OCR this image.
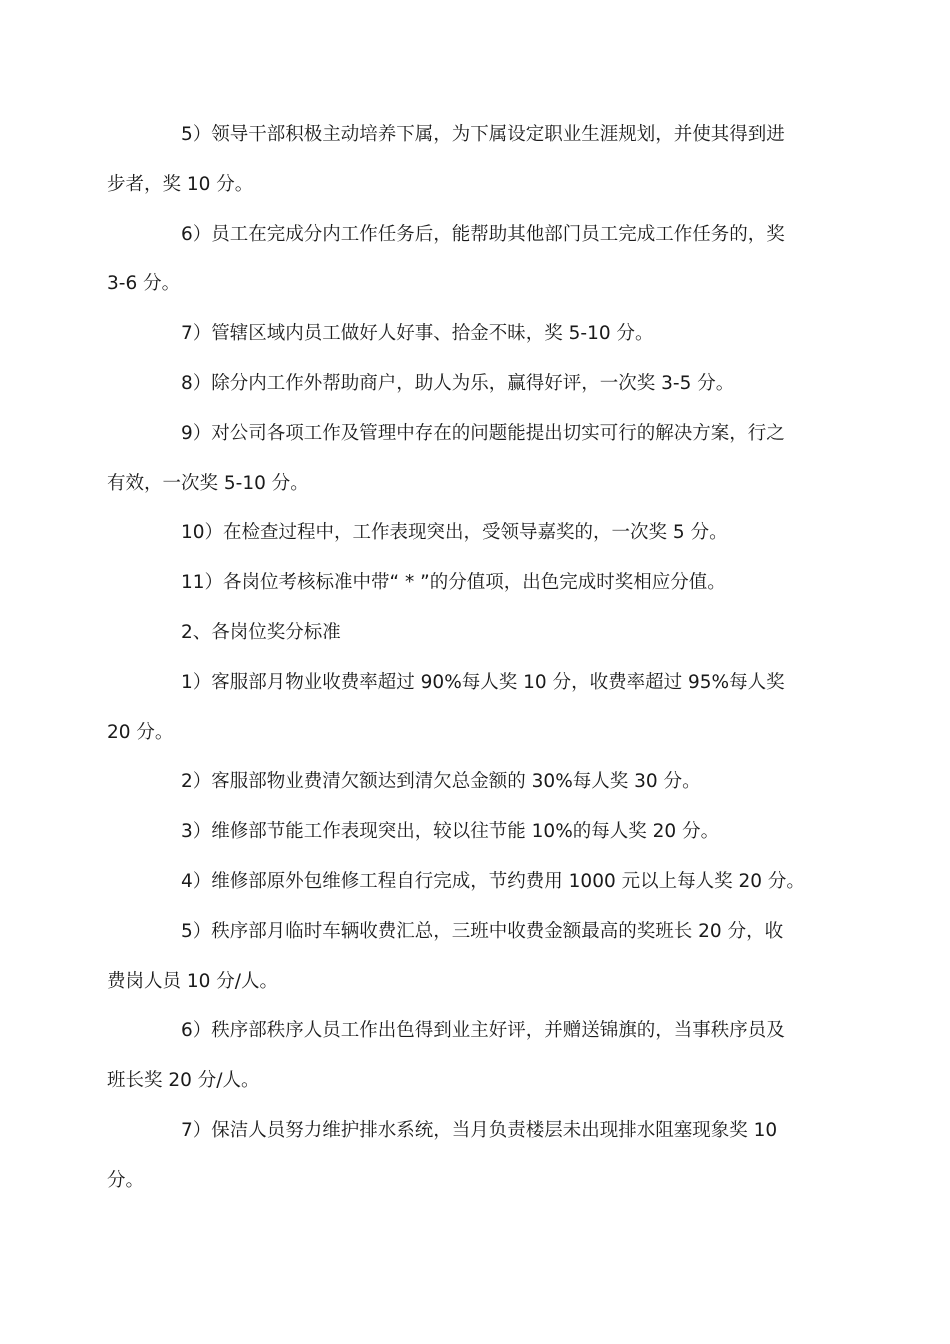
5）领导干部积极主动培养下属，为下属设定职业生涯规划，并使其得到进
步者，奖 10 分。

6）员工在完成分内工作任务后，能帮助其他部门员工完成工作任务的，奖
3-6 分。

7）管辖区域内员工做好人好事、拾金不昧，奖 5-10 分。

8）除分内工作外帮助商户，助人为乐，赢得好评，一次奖 3-5 分。

9）对公司各项工作及管理中存在的问题能提出切实可行的解决方案，行之
有效，一次奖 5-10 分。

10）在检查过程中，工作表现突出，受领导嘉奖的，一次奖 5 分。

11）各岗位考核标准中带“ * ”的分值项，出色完成时奖相应分值。

2、各岗位奖分标准

1）客服部月物业收费率超过 90%每人奖 10 分，收费率超过 95%每人奖
20 分。

2）客服部物业费清欠额达到清欠总金额的 30%每人奖 30 分。

3）维修部节能工作表现突出，较以往节能 10%的每人奖 20 分。

4）维修部原外包维修工程自行完成，节约费用 1000 元以上每人奖 20 分。

5）秩序部月临时车辆收费汇总，三班中收费金额最高的奖班长 20 分，收
费岗人员 10 分/人。

6）秩序部秩序人员工作出色得到业主好评，并赠送锦旗的，当事秩序员及
班长奖 20 分/人。

7）保洁人员努力维护排水系统，当月负责楼层未出现排水阻塞现象奖 10
分。
